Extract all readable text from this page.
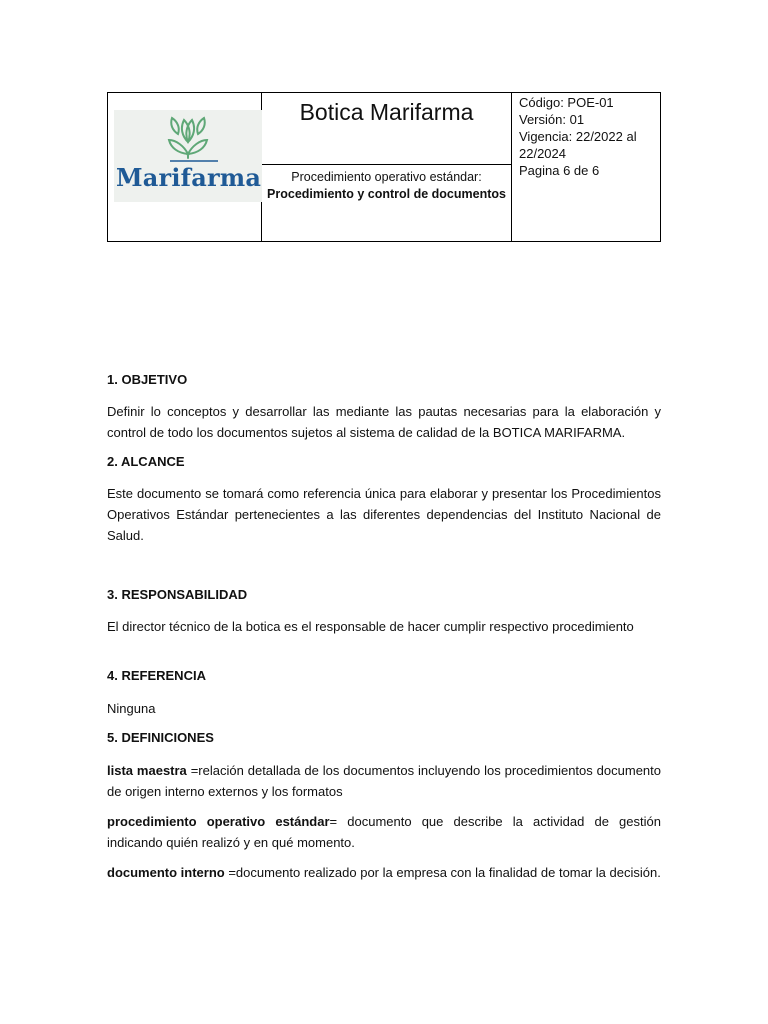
Marifarma
Botica Marifarma
Procedimiento operativo estándar:
Procedimiento y control de documentos
Código: POE-01
Versión: 01
Vigencia: 22/2022 al
22/2024
Pagina 6 de 6
1. OBJETIVO
Definir lo conceptos y desarrollar las mediante las pautas necesarias para la elaboración y control de todo los documentos sujetos al sistema de calidad de la BOTICA MARIFARMA.
2. ALCANCE
Este documento se tomará como referencia única para elaborar y presentar los Procedimientos Operativos Estándar pertenecientes a las diferentes dependencias del Instituto Nacional de Salud.
3. RESPONSABILIDAD
El director técnico de la botica es el responsable de hacer cumplir respectivo procedimiento
4. REFERENCIA
Ninguna
5. DEFINICIONES
lista maestra =relación detallada de los documentos incluyendo los procedimientos documento de origen interno externos y los formatos
procedimiento operativo estándar= documento que describe la actividad de gestión indicando quién realizó y en qué momento.
documento interno =documento realizado por la empresa con la finalidad de tomar la decisión.
